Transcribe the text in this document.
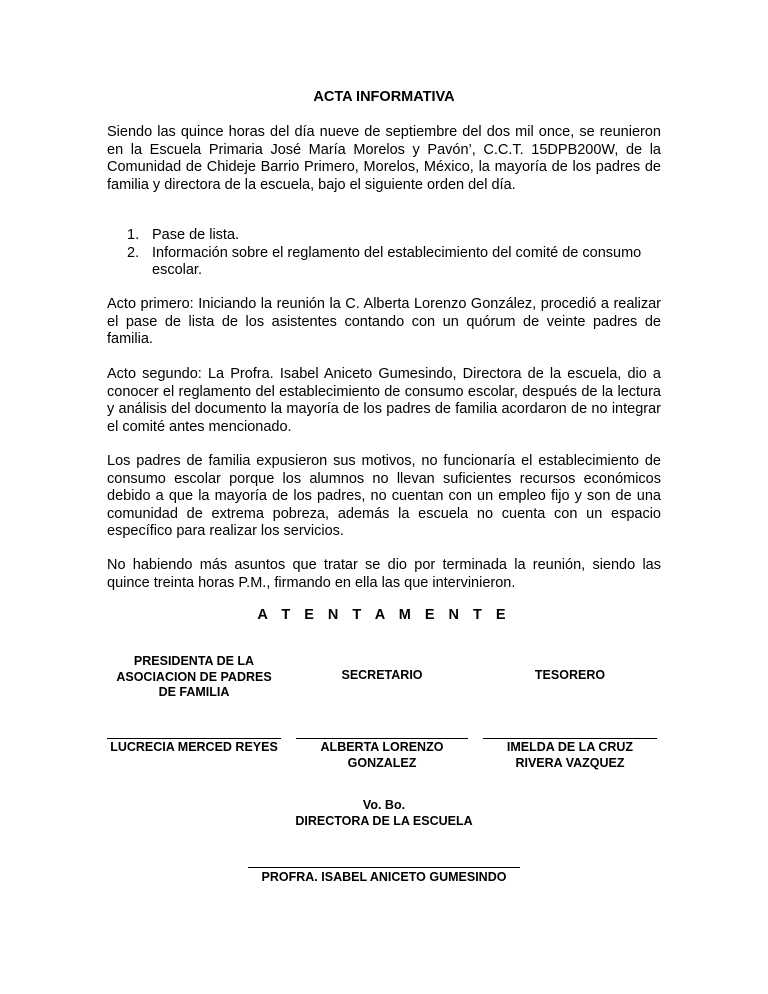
ACTA INFORMATIVA

Siendo las quince horas del día nueve de septiembre del dos mil once, se reunieron en la Escuela Primaria José María Morelos y Pavón’, C.C.T. 15DPB200W, de la Comunidad de Chideje Barrio Primero, Morelos, México, la mayoría de los padres de familia y directora de la escuela, bajo el siguiente orden del día.

1. Pase de lista.
2. Información sobre el reglamento del establecimiento del comité de consumo escolar.

Acto primero: Iniciando la reunión la C. Alberta Lorenzo González, procedió a realizar el pase de lista de los asistentes contando con un quórum de veinte padres de familia.

Acto segundo: La Profra. Isabel Aniceto Gumesindo, Directora de la escuela, dio a conocer el reglamento del establecimiento de consumo escolar, después de la lectura y análisis del documento la mayoría de los padres de familia acordaron de no integrar el comité antes mencionado.

Los padres de familia expusieron sus motivos, no funcionaría el establecimiento de consumo escolar porque los alumnos no llevan suficientes recursos económicos debido a que la mayoría de los padres, no cuentan con un empleo fijo y son de una comunidad de extrema pobreza, además la escuela no cuenta con un espacio específico para realizar los servicios.

No habiendo más asuntos que tratar se dio por terminada la reunión, siendo las quince treinta horas P.M., firmando en ella las que intervinieron.

A T E N T A M E N T E
PRESIDENTA DE LA ASOCIACION DE PADRES DE FAMILIA
SECRETARIO	TESORERO
LUCRECIA MERCED REYES	ALBERTA LORENZO GONZALEZ
IMELDA DE LA CRUZ RIVERA VAZQUEZ
Vo. Bo.
DIRECTORA DE LA ESCUELA
PROFRA. ISABEL ANICETO GUMESINDO
